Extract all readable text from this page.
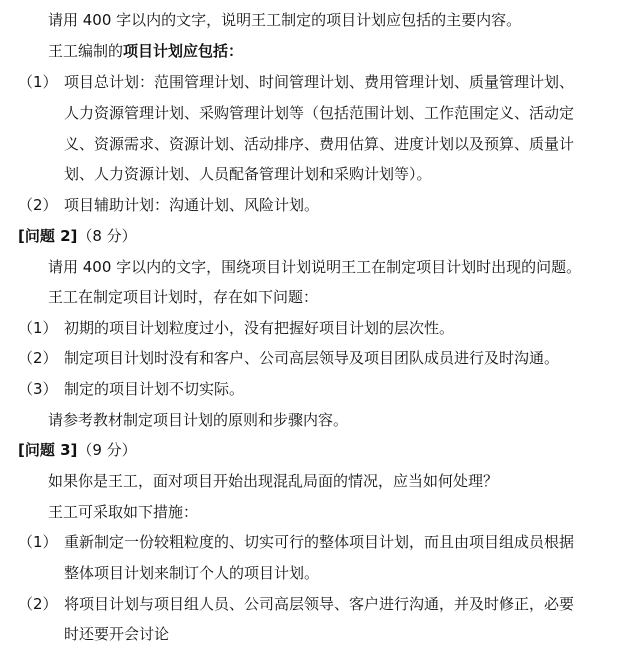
请用 400 字以内的文字，说明王工制定的项目计划应包括的主要内容。
王工编制的项目计划应包括：
（1） 项目总计划：范围管理计划、时间管理计划、费用管理计划、质量管理计划、
人力资源管理计划、采购管理计划等（包括范围计划、工作范围定义、活动定
义、资源需求、资源计划、活动排序、费用估算、进度计划以及预算、质量计
划、人力资源计划、人员配备管理计划和采购计划等）。
（2） 项目辅助计划：沟通计划、风险计划。
[问题 2]（8 分）
请用 400 字以内的文字，围绕项目计划说明王工在制定项目计划时出现的问题。
王工在制定项目计划时，存在如下问题：
（1） 初期的项目计划粒度过小，没有把握好项目计划的层次性。
（2） 制定项目计划时没有和客户、公司高层领导及项目团队成员进行及时沟通。
（3） 制定的项目计划不切实际。
请参考教材制定项目计划的原则和步骤内容。
[问题 3]（9 分）
如果你是王工，面对项目开始出现混乱局面的情况，应当如何处理？
王工可采取如下措施：
（1） 重新制定一份较粗粒度的、切实可行的整体项目计划，而且由项目组成员根据
整体项目计划来制订个人的项目计划。
（2） 将项目计划与项目组人员、公司高层领导、客户进行沟通，并及时修正，必要
时还要开会讨论
